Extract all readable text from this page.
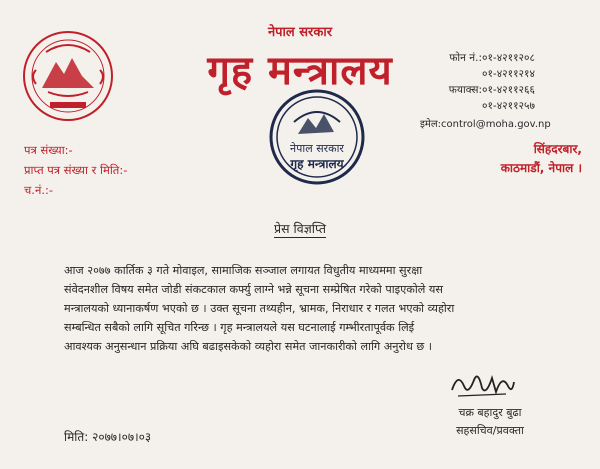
नेपाल सरकार
गृह मन्त्रालय	फोन नं.:०१-४२११२०८
०१-४२११२१४
फयाक्स:०१-४२११२६६
०१-४२११२५७
इमेल:control@moha.gov.np
सिंहदरबार,
काठमाडौं, नेपाल ।
नेपाल सरकार
गृह मन्त्रालय
पत्र संख्या:-
प्राप्त पत्र संख्या र मिति:-
च.नं.:-
प्रेस विज्ञप्ति
आज २०७७ कार्तिक ३ गते मोवाइल, सामाजिक सञ्जाल लगायत विधुतीय माध्यममा सुरक्षा
संवेदनशील विषय समेत जोडी संकटकाल कर्फ्यु लाग्ने भन्ने सूचना सम्प्रेषित गरेको पाइएकोले यस
मन्त्रालयको ध्यानाकर्षण भएको छ । उक्त सूचना तथ्यहीन, भ्रामक, निराधार र गलत भएको व्यहोरा
सम्बन्धित सबैको लागि सूचित गरिन्छ । गृह मन्त्रालयले यस घटनालाई गम्भीरतापूर्वक लिई
आवश्यक अनुसन्धान प्रक्रिया अघि बढाइसकेको व्यहोरा समेत जानकारीको लागि अनुरोध छ ।
चक्र बहादुर बुढा
सहसचिव/प्रवक्ता
मिति: २०७७।०७।०३
